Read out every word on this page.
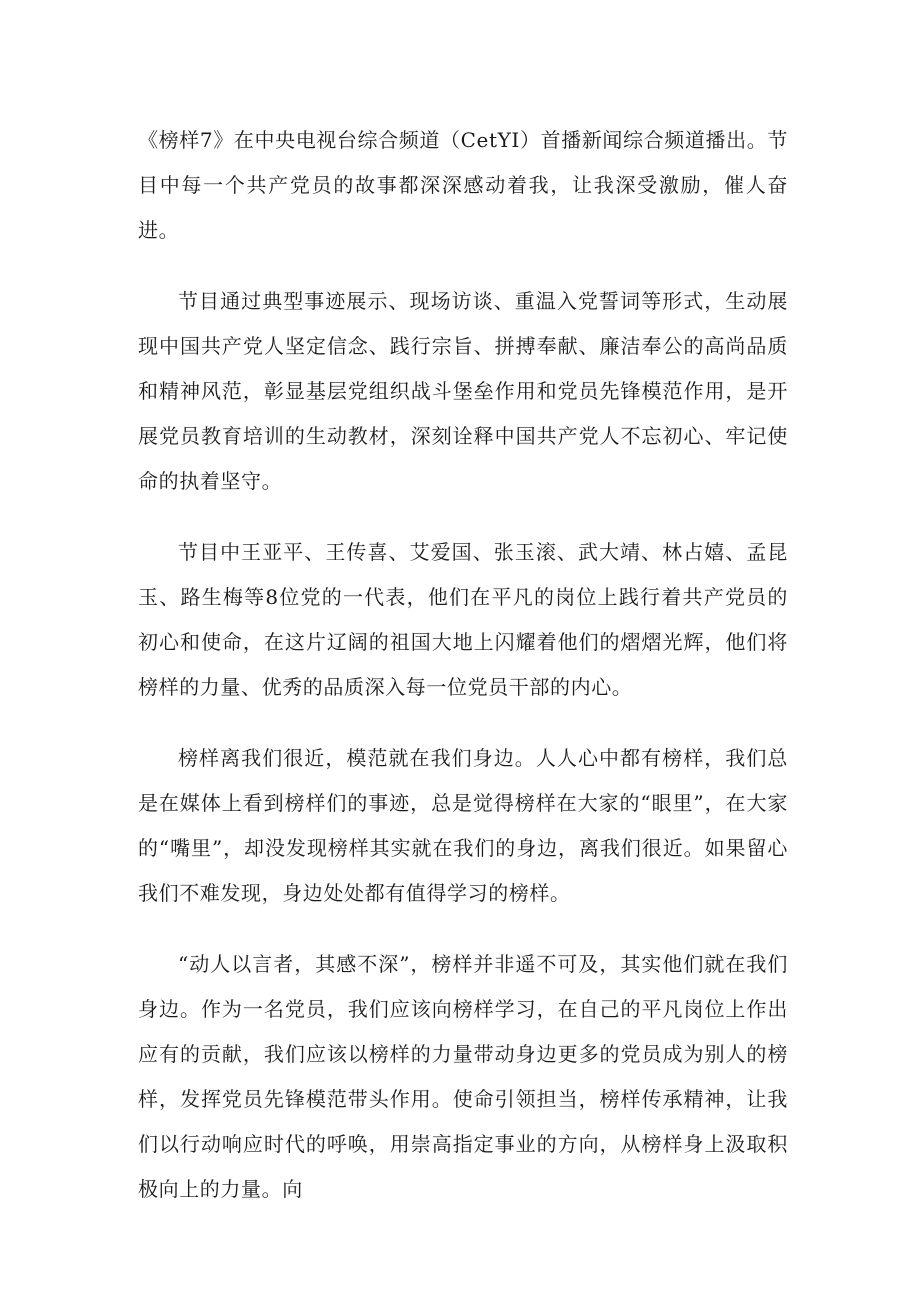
《榜样7》在中央电视台综合频道（CetYI）首播新闻综合频道播出。节目中每一个共产党员的故事都深深感动着我，让我深受激励，催人奋进。

节目通过典型事迹展示、现场访谈、重温入党誓词等形式，生动展现中国共产党人坚定信念、践行宗旨、拼搏奉献、廉洁奉公的高尚品质和精神风范，彰显基层党组织战斗堡垒作用和党员先锋模范作用，是开展党员教育培训的生动教材，深刻诠释中国共产党人不忘初心、牢记使命的执着坚守。

节目中王亚平、王传喜、艾爱国、张玉滚、武大靖、林占嬉、孟昆玉、路生梅等8位党的一代表，他们在平凡的岗位上践行着共产党员的初心和使命，在这片辽阔的祖国大地上闪耀着他们的熠熠光辉，他们将榜样的力量、优秀的品质深入每一位党员干部的内心。

榜样离我们很近，模范就在我们身边。人人心中都有榜样，我们总是在媒体上看到榜样们的事迹，总是觉得榜样在大家的“眼里”，在大家的“嘴里”，却没发现榜样其实就在我们的身边，离我们很近。如果留心我们不难发现，身边处处都有值得学习的榜样。

“动人以言者，其感不深”，榜样并非遥不可及，其实他们就在我们身边。作为一名党员，我们应该向榜样学习，在自己的平凡岗位上作出应有的贡献，我们应该以榜样的力量带动身边更多的党员成为别人的榜样，发挥党员先锋模范带头作用。使命引领担当，榜样传承精神，让我们以行动响应时代的呼唤，用崇高指定事业的方向，从榜样身上汲取积极向上的力量。向
